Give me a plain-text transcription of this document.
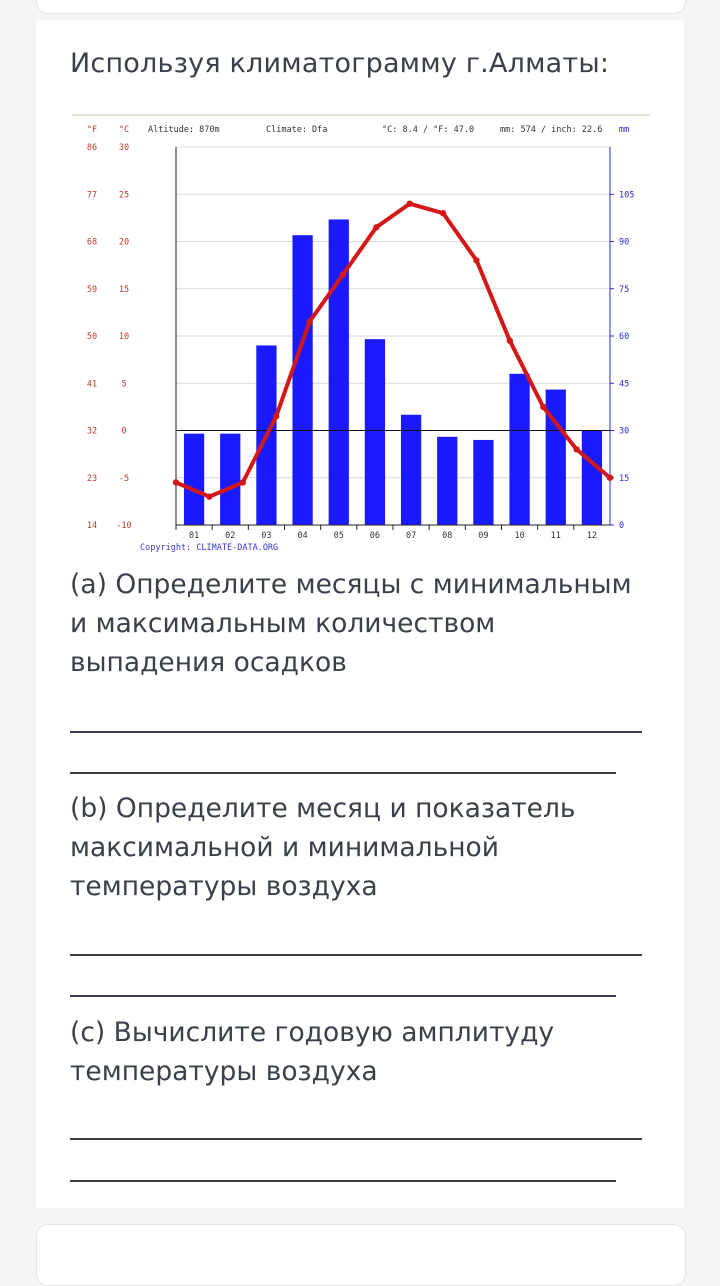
Используя климатограмму г.Алматы:
°F	°C Altitude: 870m	Climate: Dfa	°C: 8.4 / °F: 47.0	mm: 574 / inch: 22.6 mm
30
86
25
77
20
68
15
59
10
50
5
41
0
32
-5
23
-10
14
105
90
75
60
45
30
15
0
01	02	03	04	05	06	07	08	09	10	11	12
Copyright: CLIMATE-DATA.ORG

(a) Определите месяцы с минимальным и максимальным количеством выпадения осадков

(b) Определите месяц и показатель максимальной и минимальной температуры воздуха

(c) Вычислите годовую амплитуду температуры воздуха
